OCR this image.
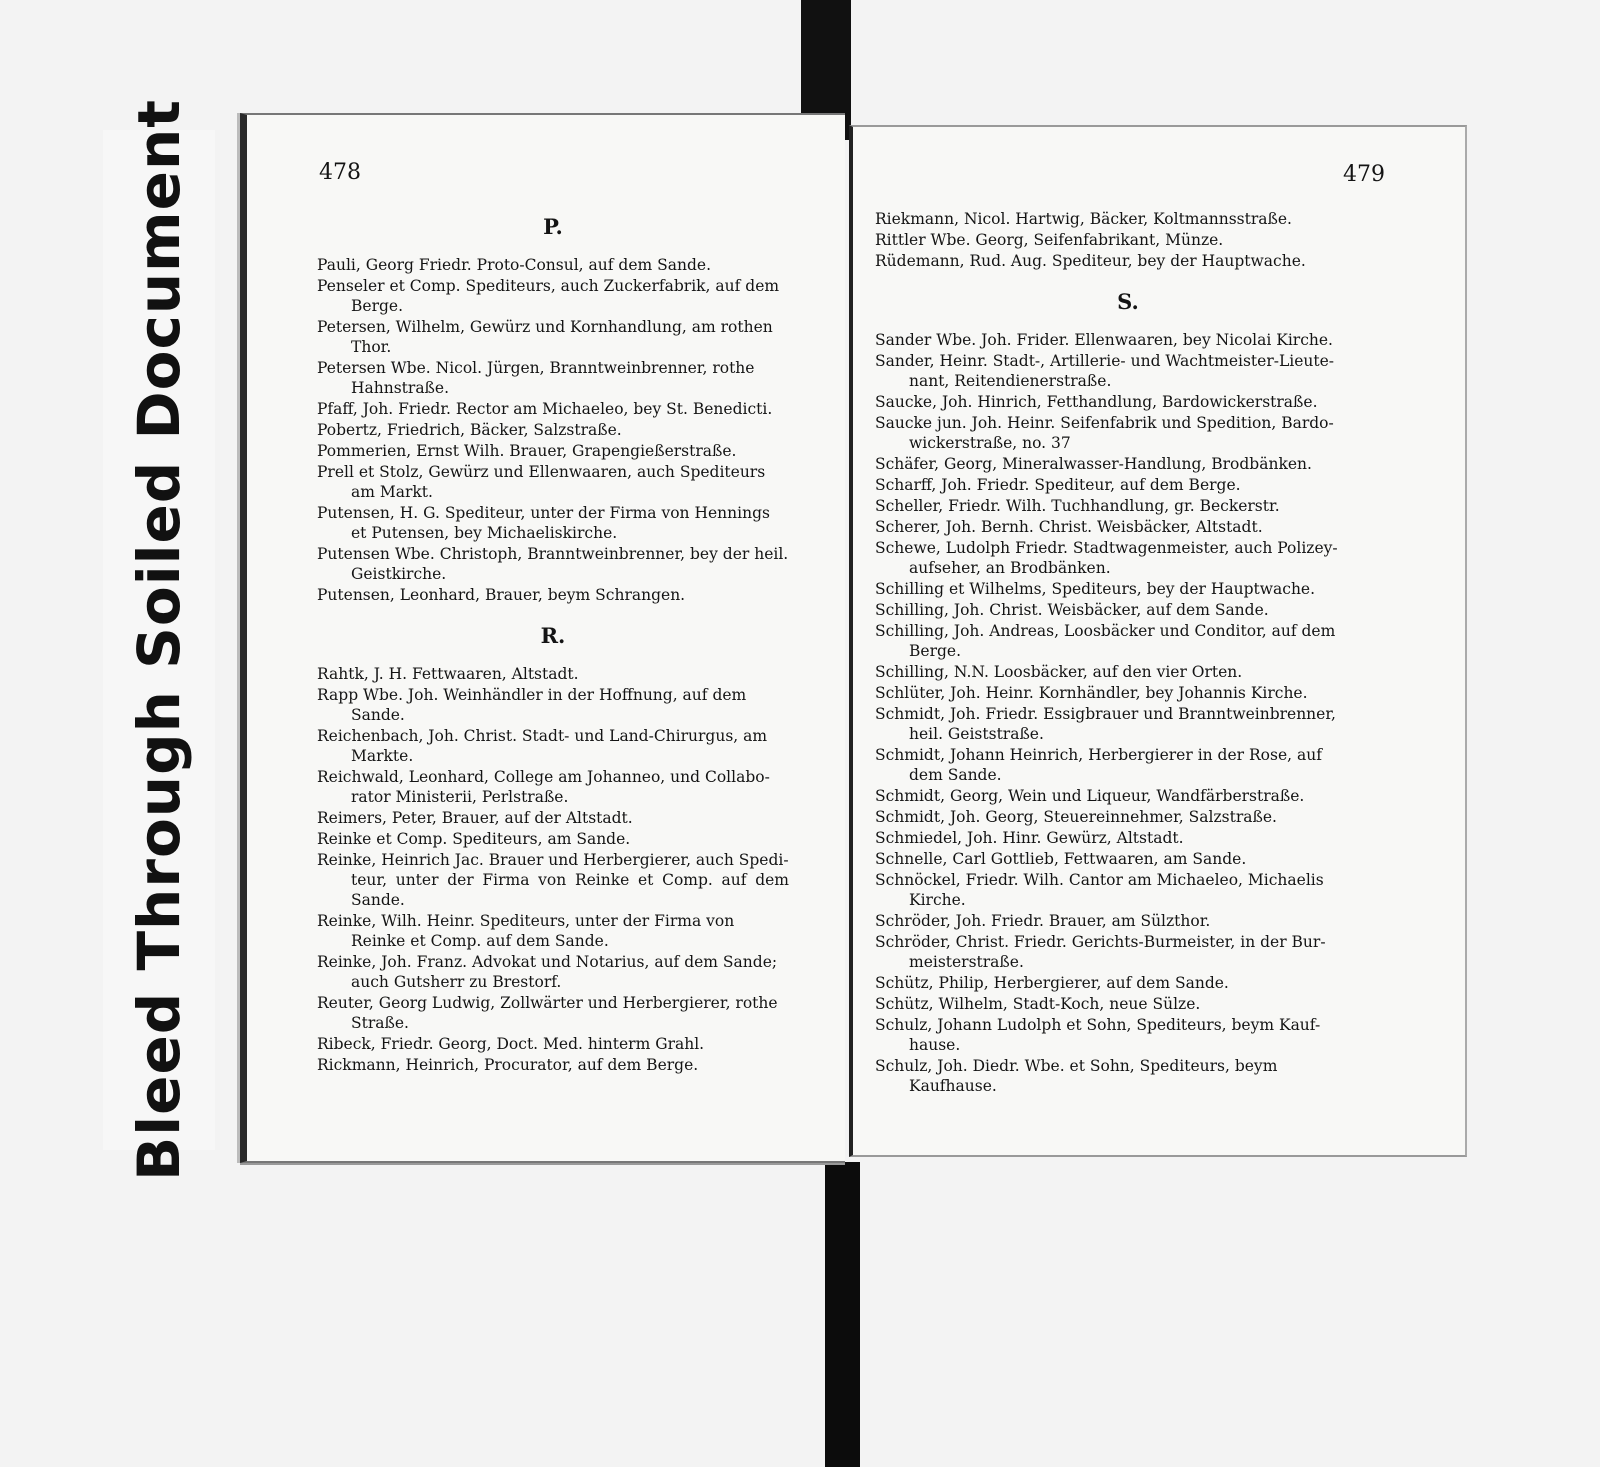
Bleed Through Soiled Document	478
P.
Pauli, Georg Friedr. Proto-Consul, auf dem Sande.
Penseler et Comp. Spediteurs, auch Zuckerfabrik, auf dem
Berge.
Petersen, Wilhelm, Gewürz und Kornhandlung, am rothen
Thor.
Petersen Wbe. Nicol. Jürgen, Branntweinbrenner, rothe
Hahnstraße.
Pfaff, Joh. Friedr. Rector am Michaeleo, bey St. Benedicti.
Pobertz, Friedrich, Bäcker, Salzstraße.
Pommerien, Ernst Wilh. Brauer, Grapengießerstraße.
Prell et Stolz, Gewürz und Ellenwaaren, auch Spediteurs
am Markt.
Putensen, H. G. Spediteur, unter der Firma von Hennings
et Putensen, bey Michaeliskirche.
Putensen Wbe. Christoph, Branntweinbrenner, bey der heil.
Geistkirche.
Putensen, Leonhard, Brauer, beym Schrangen.
R.
Rahtk, J. H. Fettwaaren, Altstadt.
Rapp Wbe. Joh. Weinhändler in der Hoffnung, auf dem
Sande.
Reichenbach, Joh. Christ. Stadt- und Land-Chirurgus, am
Markte.
Reichwald, Leonhard, College am Johanneo, und Collabo-
rator Ministerii, Perlstraße.
Reimers, Peter, Brauer, auf der Altstadt.
Reinke et Comp. Spediteurs, am Sande.
Reinke, Heinrich Jac. Brauer und Herbergierer, auch Spedi-
teur, unter der Firma von Reinke et Comp. auf dem Sande.
Reinke, Wilh. Heinr. Spediteurs, unter der Firma von
Reinke et Comp. auf dem Sande.
Reinke, Joh. Franz. Advokat und Notarius, auf dem Sande;
auch Gutsherr zu Brestorf.
Reuter, Georg Ludwig, Zollwärter und Herbergierer, rothe
Straße.
Ribeck, Friedr. Georg, Doct. Med. hinterm Grahl.
Rickmann, Heinrich, Procurator, auf dem Berge.
479
Riekmann, Nicol. Hartwig, Bäcker, Koltmannsstraße.
Rittler Wbe. Georg, Seifenfabrikant, Münze.
Rüdemann, Rud. Aug. Spediteur, bey der Hauptwache.
S.
Sander Wbe. Joh. Frider. Ellenwaaren, bey Nicolai Kirche.
Sander, Heinr. Stadt-, Artillerie- und Wachtmeister-Lieute-
nant, Reitendienerstraße.
Saucke, Joh. Hinrich, Fetthandlung, Bardowickerstraße.
Saucke jun. Joh. Heinr. Seifenfabrik und Spedition, Bardo-
wickerstraße, no. 37
Schäfer, Georg, Mineralwasser-Handlung, Brodbänken.
Scharff, Joh. Friedr. Spediteur, auf dem Berge.
Scheller, Friedr. Wilh. Tuchhandlung, gr. Beckerstr.
Scherer, Joh. Bernh. Christ. Weisbäcker, Altstadt.
Schewe, Ludolph Friedr. Stadtwagenmeister, auch Polizey-
aufseher, an Brodbänken.
Schilling et Wilhelms, Spediteurs, bey der Hauptwache.
Schilling, Joh. Christ. Weisbäcker, auf dem Sande.
Schilling, Joh. Andreas, Loosbäcker und Conditor, auf dem
Berge.
Schilling, N.N. Loosbäcker, auf den vier Orten.
Schlüter, Joh. Heinr. Kornhändler, bey Johannis Kirche.
Schmidt, Joh. Friedr. Essigbrauer und Branntweinbrenner,
heil. Geiststraße.
Schmidt, Johann Heinrich, Herbergierer in der Rose, auf
dem Sande.
Schmidt, Georg, Wein und Liqueur, Wandfärberstraße.
Schmidt, Joh. Georg, Steuereinnehmer, Salzstraße.
Schmiedel, Joh. Hinr. Gewürz, Altstadt.
Schnelle, Carl Gottlieb, Fettwaaren, am Sande.
Schnöckel, Friedr. Wilh. Cantor am Michaeleo, Michaelis
Kirche.
Schröder, Joh. Friedr. Brauer, am Sülzthor.
Schröder, Christ. Friedr. Gerichts-Burmeister, in der Bur-
meisterstraße.
Schütz, Philip, Herbergierer, auf dem Sande.
Schütz, Wilhelm, Stadt-Koch, neue Sülze.
Schulz, Johann Ludolph et Sohn, Spediteurs, beym Kauf-
hause.
Schulz, Joh. Diedr. Wbe. et Sohn, Spediteurs, beym
Kaufhause.
